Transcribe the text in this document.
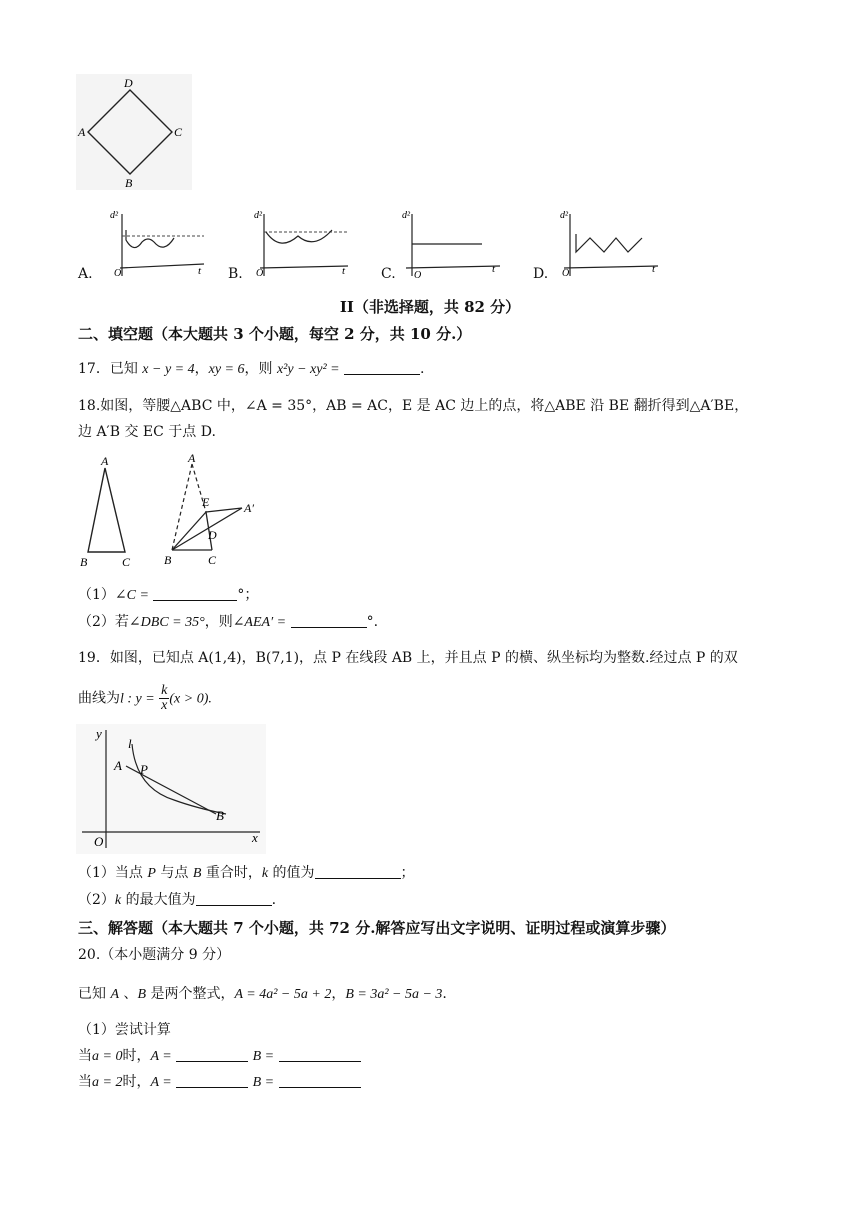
D
A	C
B
A.
d²
t
O	B.
d²
t
O	C.
d²
t
O	D.
d²
t
O
II（非选择题，共 82 分）
二、填空题（本大题共 3 个小题，每空 2 分，共 10 分.）
17．已知 x − y = 4，xy = 6，则 x²y − xy² =	.
18.如图，等腰△ABC 中，∠A = 35°，AB = AC，E 是 AC 边上的点，将△ABE 沿 BE 翻折得到△A′BE，
边 A′B 交 EC 于点 D.
A
B	C
A
E	A′
D
B	C
（1）∠C =	°；
（2）若∠DBC = 35°，则∠AEA′ =	°.
19．如图，已知点 A(1,4)，B(7,1)，点 P 在线段 AB 上，并且点 P 的横、纵坐标均为整数.经过点 P 的双
曲线为l : $y = \frac{k}{x} (x > 0)$.
y
l
A P
B
O	x
（1）当点 P 与点 B 重合时，k 的值为	；
（2）k 的最大值为	.
三、解答题（本大题共 7 个小题，共 72 分.解答应写出文字说明、证明过程或演算步骤）
20.（本小题满分 9 分）
已知 A 、B 是两个整式，A = 4a² − 5a + 2，B = 3a² − 5a − 3.
（1）尝试计算
当a = 0时，A =	B =
当a = 2时，A =	B =
